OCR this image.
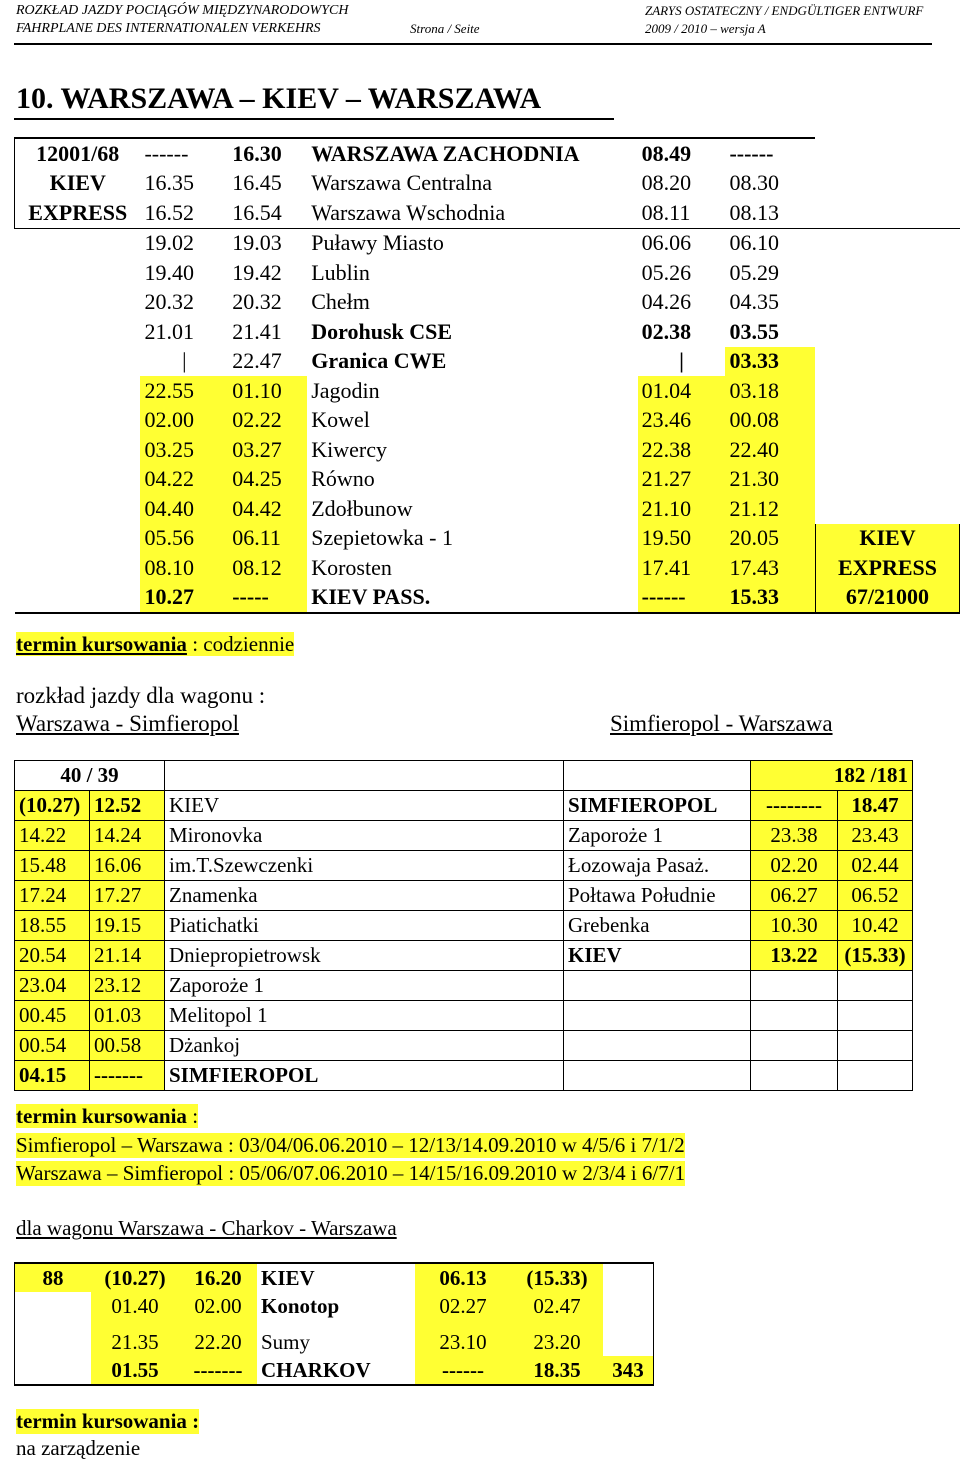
ROZKŁAD JAZDY POCIĄGÓW MIĘDZYNARODOWYCH
FAHRPLANE DES INTERNATIONALEN VERKEHRS	Strona / Seite
ZARYS OSTATECZNY / ENDGÜLTIGER ENTWURF
2009 / 2010 – wersja A
10. WARSZAWA – KIEV – WARSZAWA
12001/68	------	16.30	WARSZAWA ZACHODNIA	08.49	------	
KIEV	16.35	16.45	Warszawa Centralna	08.20	08.30	
EXPRESS	16.52	16.54	Warszawa Wschodnia	08.11	08.13	
	19.02	19.03	Puławy Miasto	06.06	06.10	
	19.40	19.42	Lublin	05.26	05.29	
	20.32	20.32	Chełm	04.26	04.35	
	21.01	21.41	Dorohusk CSE	02.38	03.55	
	|	22.47	Granica CWE	|	03.33	
	22.55	01.10	Jagodin	01.04	03.18	
	02.00	02.22	Kowel	23.46	00.08	
	03.25	03.27	Kiwercy	22.38	22.40	
	04.22	04.25	Równo	21.27	21.30	
	04.40	04.42	Zdołbunow	21.10	21.12	
	05.56	06.11	Szepietowka - 1	19.50	20.05	KIEV
	08.10	08.12	Korosten	17.41	17.43	EXPRESS
	10.27	-----	KIEV PASS.	------	15.33	67/21000
termin kursowania : codziennie
rozkład jazdy dla wagonu :
Warszawa - Simfieropol	Simfieropol - Warszawa
40 / 39				182 /181	
(10.27)	12.52	KIEV	SIMFIEROPOL	--------	18.47
14.22	14.24	Mironovka	Zaporoże 1	23.38	23.43
15.48	16.06	im.T.Szewczenki	Łozowaja Pasaż.	02.20	02.44
17.24	17.27	Znamenka	Połtawa Południe	06.27	06.52
18.55	19.15	Piatichatki	Grebenka	10.30	10.42
20.54	21.14	Dniepropietrowsk	KIEV	13.22	(15.33)
23.04	23.12	Zaporoże 1			
00.45	01.03	Melitopol 1			
00.54	00.58	Dżankoj			
04.15	-------	SIMFIEROPOL			
termin kursowania :
Simfieropol – Warszawa : 03/04/06.06.2010 – 12/13/14.09.2010 w 4/5/6 i 7/1/2
Warszawa – Simfieropol : 05/06/07.06.2010 – 14/15/16.09.2010 w 2/3/4 i 6/7/1
dla wagonu Warszawa - Charkov - Warszawa
88	(10.27)	16.20	KIEV	06.13	(15.33)	
	01.40	02.00	Konotop	02.27	02.47	
	21.35	22.20	Sumy	23.10	23.20	
	01.55	-------	CHARKOV	------	18.35	343
termin kursowania :
na zarządzenie
